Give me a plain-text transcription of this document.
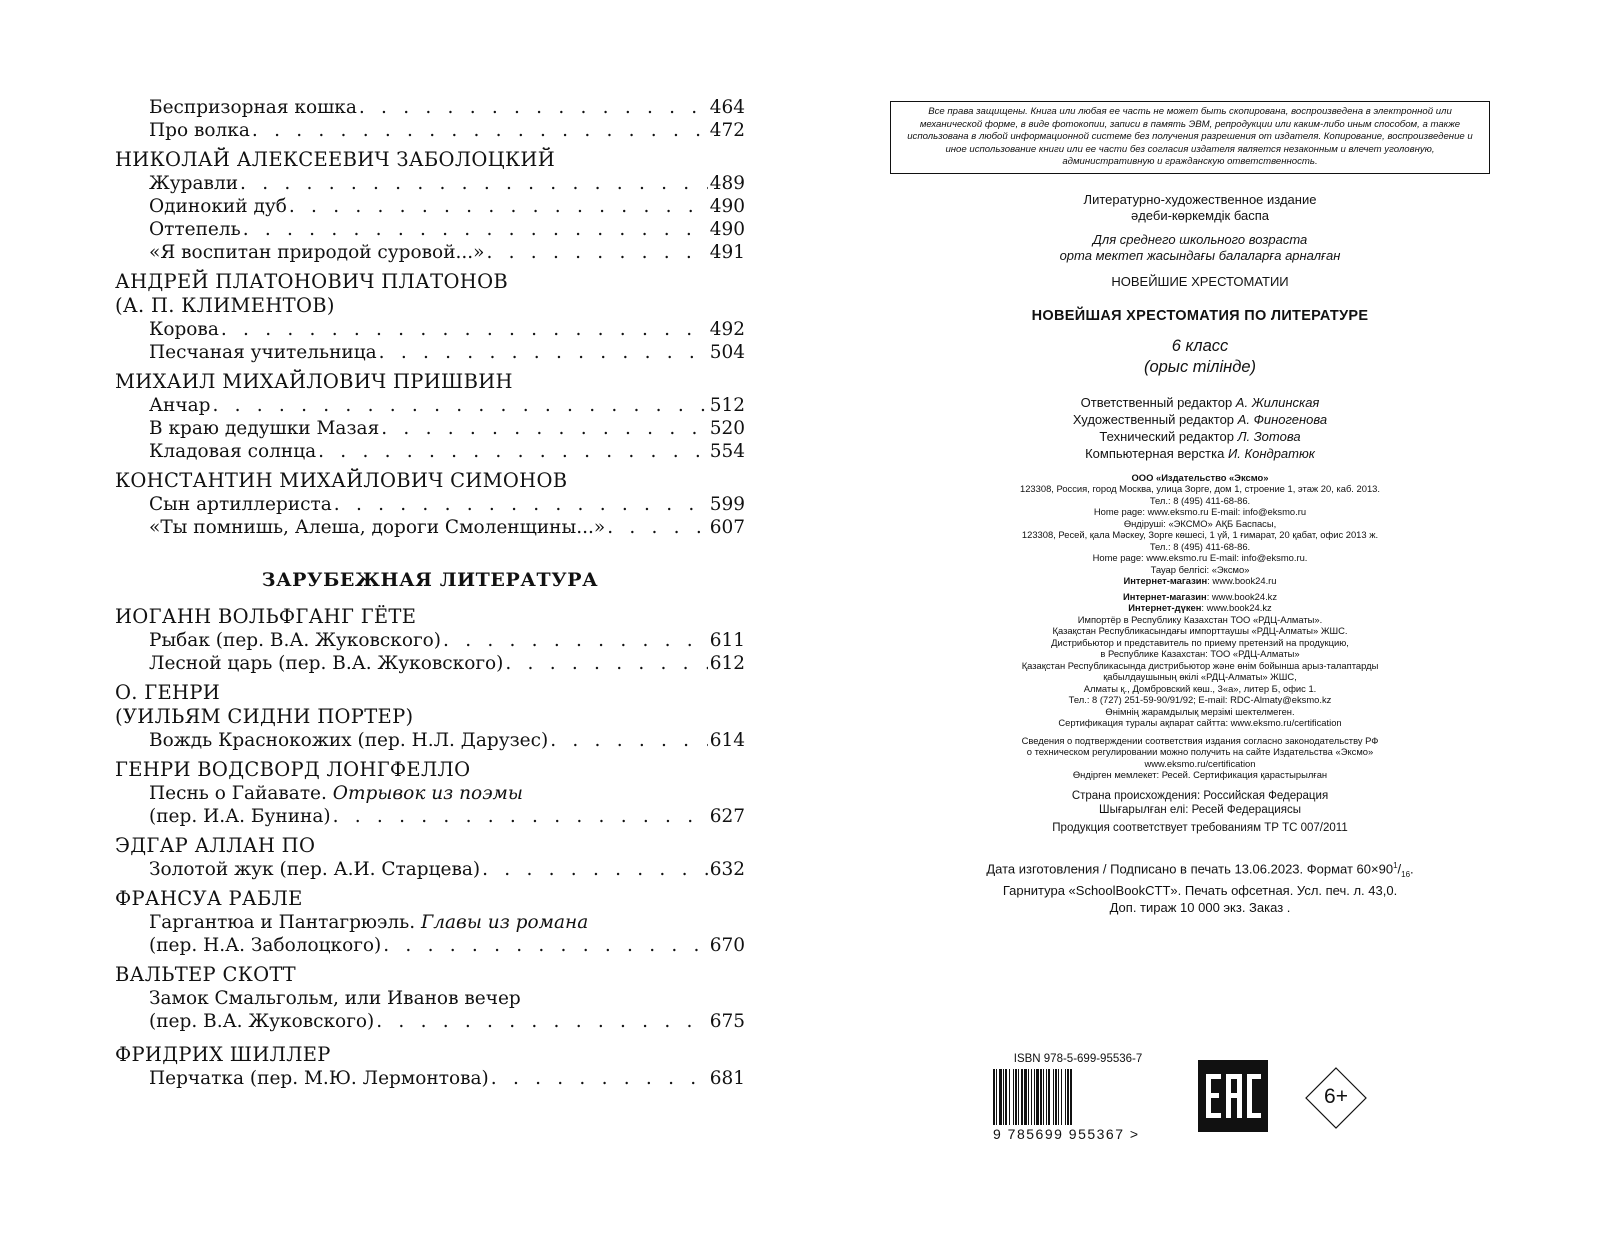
Беспризорная кошка . . .	464
Про волка . . .	472
НИКОЛАЙ АЛЕКСЕЕВИЧ ЗАБОЛОЦКИЙ
Журавли . . .	489
Одинокий дуб . . .	490
Оттепель . . .	490
«Я воспитан природой суровой...» . . .	491
АНДРЕЙ ПЛАТОНОВИЧ ПЛАТОНОВ
(А. П. КЛИМЕНТОВ)
Корова . . .	492
Песчаная учительница . . .	504
МИХАИЛ МИХАЙЛОВИЧ ПРИШВИН
Анчар . . .	512
В краю дедушки Мазая . . .	520
Кладовая солнца . . .	554
КОНСТАНТИН МИХАЙЛОВИЧ СИМОНОВ
Сын артиллериста . . .	599
«Ты помнишь, Алеша, дороги Смоленщины...» . . .	607
ЗАРУБЕЖНАЯ ЛИТЕРАТУРА
ИОГАНН ВОЛЬФГАНГ ГЁТЕ
Рыбак (пер. В.А. Жуковского) . . .	611
Лесной царь (пер. В.А. Жуковского) . . .	612
О. ГЕНРИ
(УИЛЬЯМ СИДНИ ПОРТЕР)
Вождь Краснокожих (пер. Н.Л. Дарузес) . . .	614
ГЕНРИ ВОДСВОРД ЛОНГФЕЛЛО
Песнь о Гайавате. Отрывок из поэмы
(пер. И.А. Бунина) . . .	627
ЭДГАР АЛЛАН ПО
Золотой жук (пер. А.И. Старцева) . . .	632
ФРАНСУА РАБЛЕ
Гаргантюа и Пантагрюэль. Главы из романа
(пер. Н.А. Заболоцкого) . . .	670
ВАЛЬТЕР СКОТТ
Замок Смальгольм, или Иванов вечер
(пер. В.А. Жуковского) . . .	675
ФРИДРИХ ШИЛЛЕР
Перчатка (пер. М.Ю. Лермонтова) . . .	681
Все права защищены. Книга или любая ее часть не может быть скопирована, воспроизведена в электронной или механической форме, в виде фотокопии, записи в память ЭВМ, репродукции или каким-либо иным способом, а также использована в любой информационной системе без получения разрешения от издателя. Копирование, воспроизведение и иное использование книги или ее части без согласия издателя является незаконным и влечет уголовную, административную и гражданскую ответственность.
Литературно-художественное издание
әдеби-көркемдік баспа
Для среднего школьного возраста
орта мектеп жасындағы балаларға арналған
НОВЕЙШИЕ ХРЕСТОМАТИИ
НОВЕЙШАЯ ХРЕСТОМАТИЯ ПО ЛИТЕРАТУРЕ
6 класс
(орыс тілінде)
Ответственный редактор А. Жилинская
Художественный редактор А. Финогенова
Технический редактор Л. Зотова
Компьютерная верстка И. Кондратюк
ООО «Издательство «Эксмо»
123308, Россия, город Москва, улица Зорге, дом 1, строение 1, этаж 20, каб. 2013.
Тел.: 8 (495) 411-68-86.
Home page: www.eksmo.ru E-mail: info@eksmo.ru
Өндіруші: «ЭКСМО» АҚБ Баспасы,
123308, Ресей, қала Мәскеу, Зорге көшесі, 1 үй, 1 ғимарат, 20 қабат, офис 2013 ж.
Тел.: 8 (495) 411-68-86.
Home page: www.eksmo.ru E-mail: info@eksmo.ru.
Тауар белгісі: «Эксмо»
Интернет-магазин: www.book24.ru
Интернет-магазин: www.book24.kz
Интернет-дүкен: www.book24.kz
Импортёр в Республику Казахстан ТОО «РДЦ-Алматы».
Қазақстан Республикасындағы импорттаушы «РДЦ-Алматы» ЖШС.
Дистрибьютор и представитель по приему претензий на продукцию,
в Республике Казахстан: ТОО «РДЦ-Алматы»
Қазақстан Республикасында дистрибьютор және өнім бойынша арыз-талаптарды
қабылдаушының өкілі «РДЦ-Алматы» ЖШС,
Алматы қ., Домбровский көш., 3«а», литер Б, офис 1.
Тел.: 8 (727) 251-59-90/91/92; E-mail: RDC-Almaty@eksmo.kz
Өнімнің жарамдылық мерзімі шектелмеген.
Сертификация туралы ақпарат сайтта: www.eksmo.ru/certification
Сведения о подтверждении соответствия издания согласно законодательству РФ
о техническом регулировании можно получить на сайте Издательства «Эксмо»
www.eksmo.ru/certification
Өндірген мемлекет: Ресей. Сертификация қарастырылған
Страна происхождения: Российская Федерация
Шығарылған елі: Ресей Федерациясы
Продукция соответствует требованиям ТР ТС 007/2011
Дата изготовления / Подписано в печать 13.06.2023. Формат $60\times 90^1/_{16}$.
Гарнитура «SchoolBookCTT». Печать офсетная. Усл. печ. л. 43,0.
Доп. тираж 10 000 экз. Заказ .
ISBN 978-5-699-95536-7
9 785699 955367 >
6+
